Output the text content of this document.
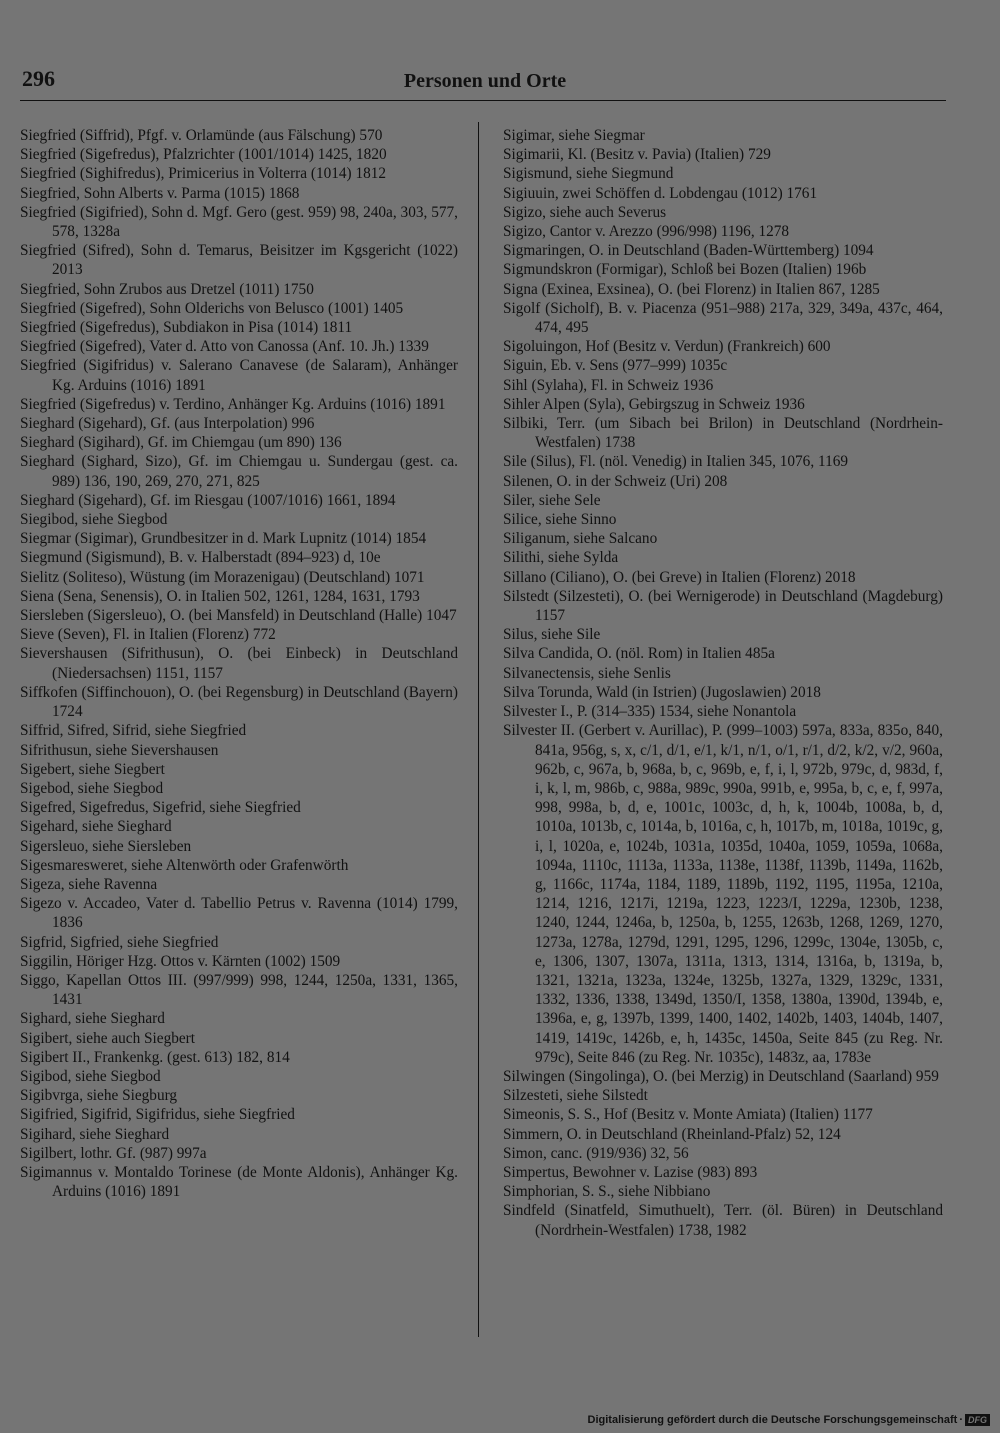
296	Personen und Orte
Siegfried (Siffrid), Pfgf. v. Orlamünde (aus Fälschung) 570
Siegfried (Sigefredus), Pfalzrichter (1001/1014) 1425, 1820
Siegfried (Sighifredus), Primicerius in Volterra (1014) 1812
Siegfried, Sohn Alberts v. Parma (1015) 1868
Siegfried (Sigifried), Sohn d. Mgf. Gero (gest. 959) 98, 240a, 303, 577, 578, 1328a
Siegfried (Sifred), Sohn d. Temarus, Beisitzer im Kgsgericht (1022) 2013
Siegfried, Sohn Zrubos aus Dretzel (1011) 1750
Siegfried (Sigefred), Sohn Olderichs von Belusco (1001) 1405
Siegfried (Sigefredus), Subdiakon in Pisa (1014) 1811
Siegfried (Sigefred), Vater d. Atto von Canossa (Anf. 10. Jh.) 1339
Siegfried (Sigifridus) v. Salerano Canavese (de Salaram), Anhänger Kg. Arduins (1016) 1891
Siegfried (Sigefredus) v. Terdino, Anhänger Kg. Arduins (1016) 1891
Sieghard (Sigehard), Gf. (aus Interpolation) 996
Sieghard (Sigihard), Gf. im Chiemgau (um 890) 136
Sieghard (Sighard, Sizo), Gf. im Chiemgau u. Sundergau (gest. ca. 989) 136, 190, 269, 270, 271, 825
Sieghard (Sigehard), Gf. im Riesgau (1007/1016) 1661, 1894
Siegibod, siehe Siegbod
Siegmar (Sigimar), Grundbesitzer in d. Mark Lupnitz (1014) 1854
Siegmund (Sigismund), B. v. Halberstadt (894–923) d, 10e
Sielitz (Soliteso), Wüstung (im Morazenigau) (Deutschland) 1071
Siena (Sena, Senensis), O. in Italien 502, 1261, 1284, 1631, 1793
Siersleben (Sigersleuo), O. (bei Mansfeld) in Deutschland (Halle) 1047
Sieve (Seven), Fl. in Italien (Florenz) 772
Sievershausen (Sifrithusun), O. (bei Einbeck) in Deutschland (Niedersachsen) 1151, 1157
Siffkofen (Siffinchouon), O. (bei Regensburg) in Deutschland (Bayern) 1724
Siffrid, Sifred, Sifrid, siehe Siegfried
Sifrithusun, siehe Sievershausen
Sigebert, siehe Siegbert
Sigebod, siehe Siegbod
Sigefred, Sigefredus, Sigefrid, siehe Siegfried
Sigehard, siehe Sieghard
Sigersleuo, siehe Siersleben
Sigesmaresweret, siehe Altenwörth oder Grafenwörth
Sigeza, siehe Ravenna
Sigezo v. Accadeo, Vater d. Tabellio Petrus v. Ravenna (1014) 1799, 1836
Sigfrid, Sigfried, siehe Siegfried
Siggilin, Höriger Hzg. Ottos v. Kärnten (1002) 1509
Siggo, Kapellan Ottos III. (997/999) 998, 1244, 1250a, 1331, 1365, 1431
Sighard, siehe Sieghard
Sigibert, siehe auch Siegbert
Sigibert II., Frankenkg. (gest. 613) 182, 814
Sigibod, siehe Siegbod
Sigibvrga, siehe Siegburg
Sigifried, Sigifrid, Sigifridus, siehe Siegfried
Sigihard, siehe Sieghard
Sigilbert, lothr. Gf. (987) 997a
Sigimannus v. Montaldo Torinese (de Monte Aldonis), Anhänger Kg. Arduins (1016) 1891
Sigimar, siehe Siegmar
Sigimarii, Kl. (Besitz v. Pavia) (Italien) 729
Sigismund, siehe Siegmund
Sigiuuin, zwei Schöffen d. Lobdengau (1012) 1761
Sigizo, siehe auch Severus
Sigizo, Cantor v. Arezzo (996/998) 1196, 1278
Sigmaringen, O. in Deutschland (Baden-Württemberg) 1094
Sigmundskron (Formigar), Schloß bei Bozen (Italien) 196b
Signa (Exinea, Exsinea), O. (bei Florenz) in Italien 867, 1285
Sigolf (Sicholf), B. v. Piacenza (951–988) 217a, 329, 349a, 437c, 464, 474, 495
Sigoluingon, Hof (Besitz v. Verdun) (Frankreich) 600
Siguin, Eb. v. Sens (977–999) 1035c
Sihl (Sylaha), Fl. in Schweiz 1936
Sihler Alpen (Syla), Gebirgszug in Schweiz 1936
Silbiki, Terr. (um Sibach bei Brilon) in Deutschland (Nordrhein-Westfalen) 1738
Sile (Silus), Fl. (nöl. Venedig) in Italien 345, 1076, 1169
Silenen, O. in der Schweiz (Uri) 208
Siler, siehe Sele
Silice, siehe Sinno
Siliganum, siehe Salcano
Silithi, siehe Sylda
Sillano (Ciliano), O. (bei Greve) in Italien (Florenz) 2018
Silstedt (Silzesteti), O. (bei Wernigerode) in Deutschland (Magdeburg) 1157
Silus, siehe Sile
Silva Candida, O. (nöl. Rom) in Italien 485a
Silvanectensis, siehe Senlis
Silva Torunda, Wald (in Istrien) (Jugoslawien) 2018
Silvester I., P. (314–335) 1534, siehe Nonantola
Silvester II. (Gerbert v. Aurillac), P. (999–1003) 597a, 833a, 835o, 840, 841a, 956g, s, x, c/1, d/1, e/1, k/1, n/1, o/1, r/1, d/2, k/2, v/2, 960a, 962b, c, 967a, b, 968a, b, c, 969b, e, f, i, l, 972b, 979c, d, 983d, f, i, k, l, m, 986b, c, 988a, 989c, 990a, 991b, e, 995a, b, c, e, f, 997a, 998, 998a, b, d, e, 1001c, 1003c, d, h, k, 1004b, 1008a, b, d, 1010a, 1013b, c, 1014a, b, 1016a, c, h, 1017b, m, 1018a, 1019c, g, i, l, 1020a, e, 1024b, 1031a, 1035d, 1040a, 1059, 1059a, 1068a, 1094a, 1110c, 1113a, 1133a, 1138e, 1138f, 1139b, 1149a, 1162b, g, 1166c, 1174a, 1184, 1189, 1189b, 1192, 1195, 1195a, 1210a, 1214, 1216, 1217i, 1219a, 1223, 1223/I, 1229a, 1230b, 1238, 1240, 1244, 1246a, b, 1250a, b, 1255, 1263b, 1268, 1269, 1270, 1273a, 1278a, 1279d, 1291, 1295, 1296, 1299c, 1304e, 1305b, c, e, 1306, 1307, 1307a, 1311a, 1313, 1314, 1316a, b, 1319a, b, 1321, 1321a, 1323a, 1324e, 1325b, 1327a, 1329, 1329c, 1331, 1332, 1336, 1338, 1349d, 1350/I, 1358, 1380a, 1390d, 1394b, e, 1396a, e, g, 1397b, 1399, 1400, 1402, 1402b, 1403, 1404b, 1407, 1419, 1419c, 1426b, e, h, 1435c, 1450a, Seite 845 (zu Reg. Nr. 979c), Seite 846 (zu Reg. Nr. 1035c), 1483z, aa, 1783e
Silwingen (Singolinga), O. (bei Merzig) in Deutschland (Saarland) 959
Silzesteti, siehe Silstedt
Simeonis, S. S., Hof (Besitz v. Monte Amiata) (Italien) 1177
Simmern, O. in Deutschland (Rheinland-Pfalz) 52, 124
Simon, canc. (919/936) 32, 56
Simpertus, Bewohner v. Lazise (983) 893
Simphorian, S. S., siehe Nibbiano
Sindfeld (Sinatfeld, Simuthuelt), Terr. (öl. Büren) in Deutschland (Nordrhein-Westfalen) 1738, 1982
Digitalisierung gefördert durch die Deutsche Forschungsgemeinschaft · DFG
